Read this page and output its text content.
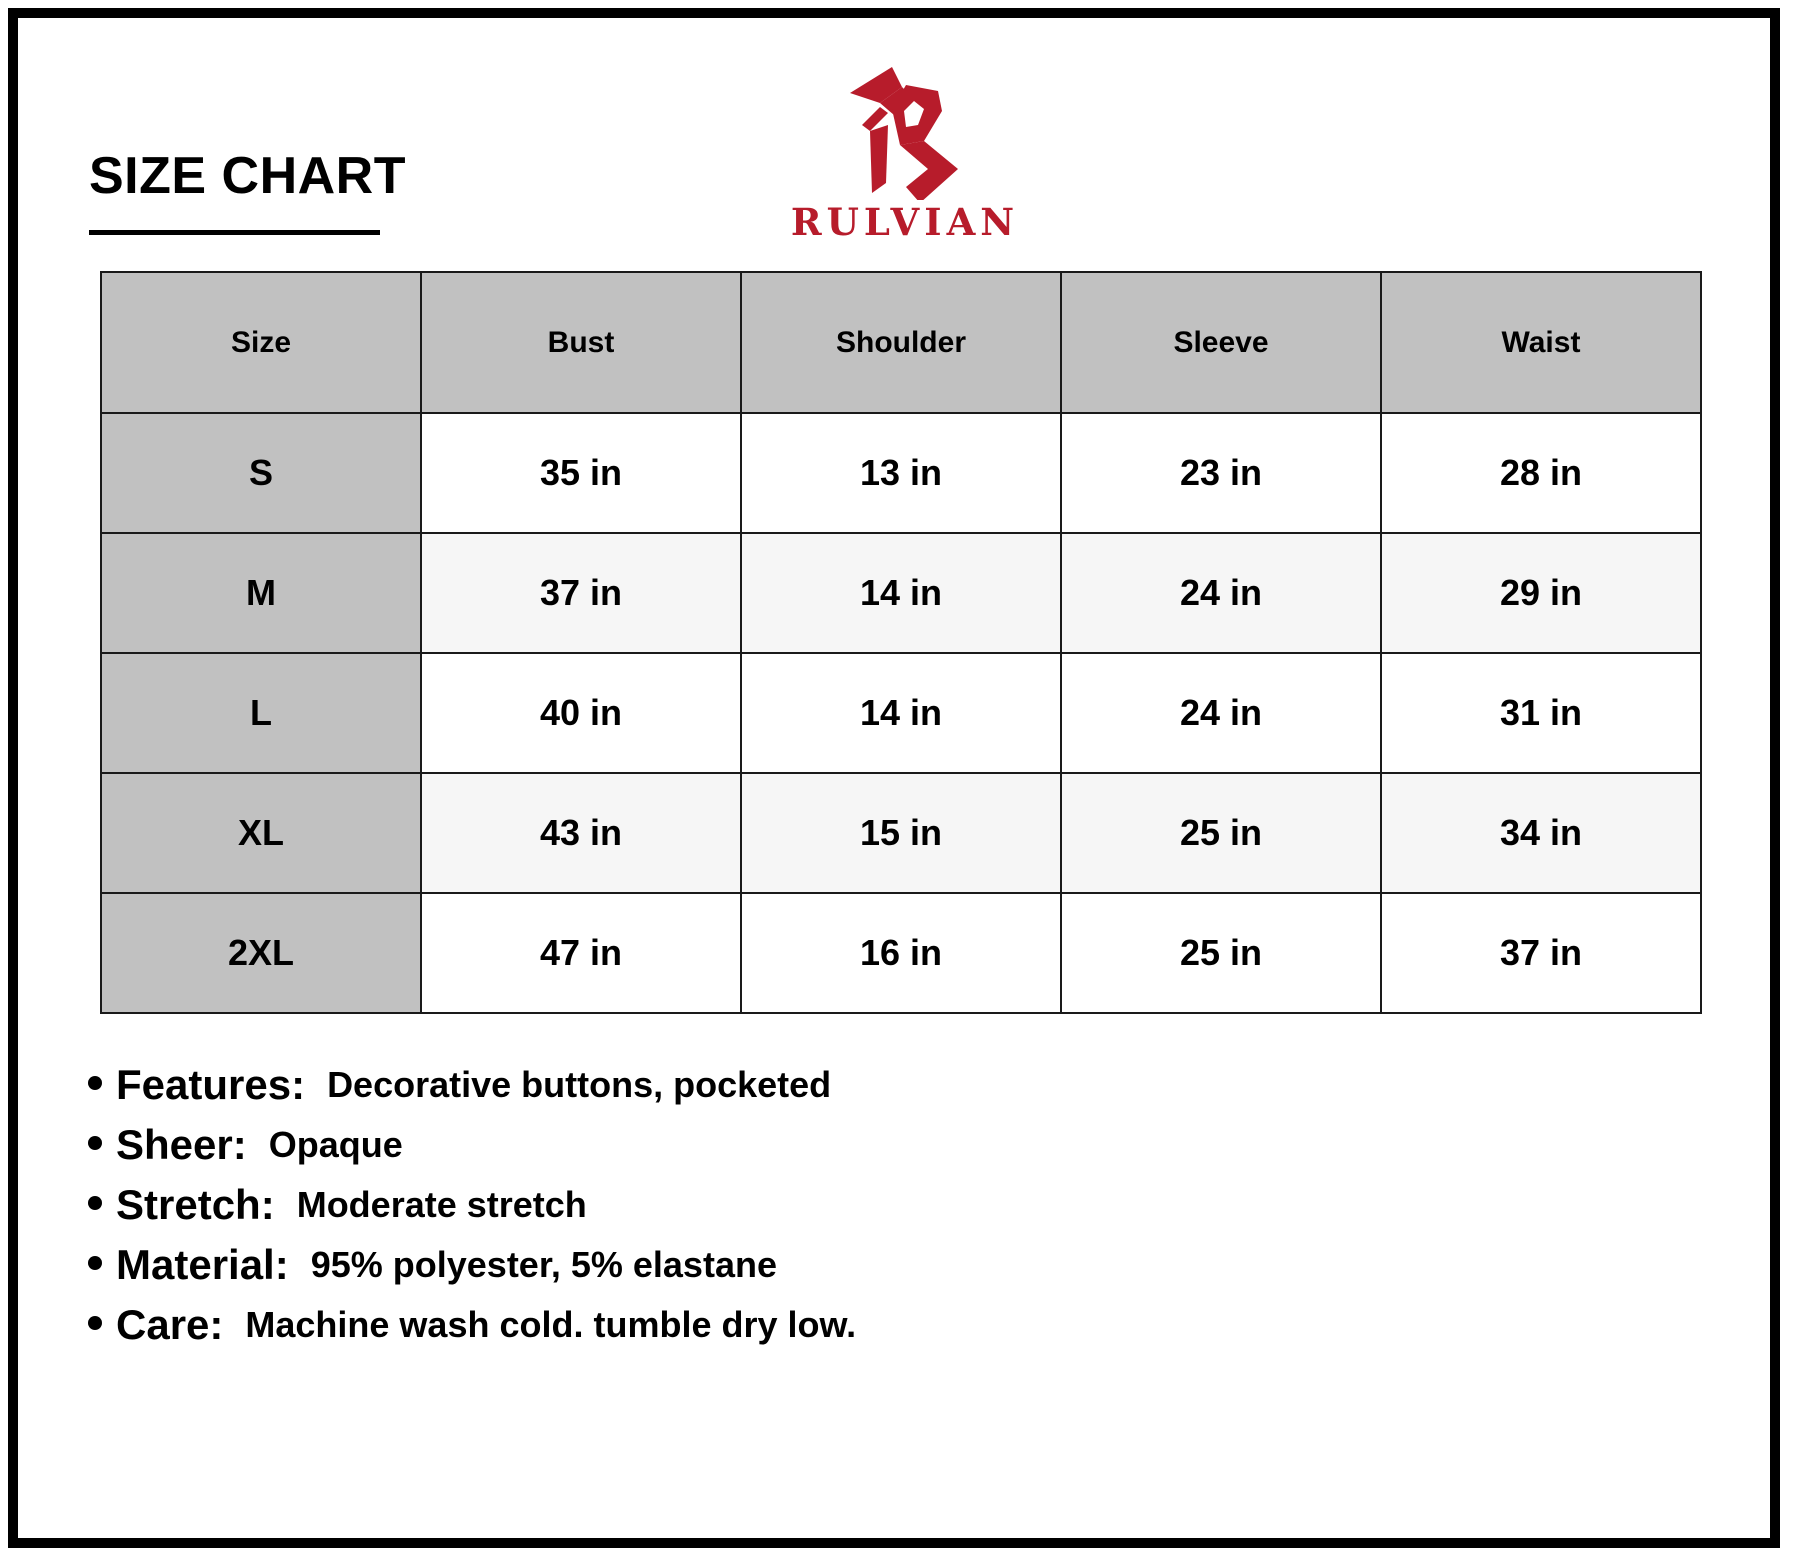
SIZE CHART
RULVIAN
Size	Bust	Shoulder	Sleeve	Waist
S	35 in	13 in	23 in	28 in
M	37 in	14 in	24 in	29 in
L	40 in	14 in	24 in	31 in
XL	43 in	15 in	25 in	34 in
2XL	47 in	16 in	25 in	37 in
Features: Decorative buttons, pocketed
Sheer: Opaque
Stretch: Moderate stretch
Material: 95% polyester, 5% elastane
Care: Machine wash cold. tumble dry low.
